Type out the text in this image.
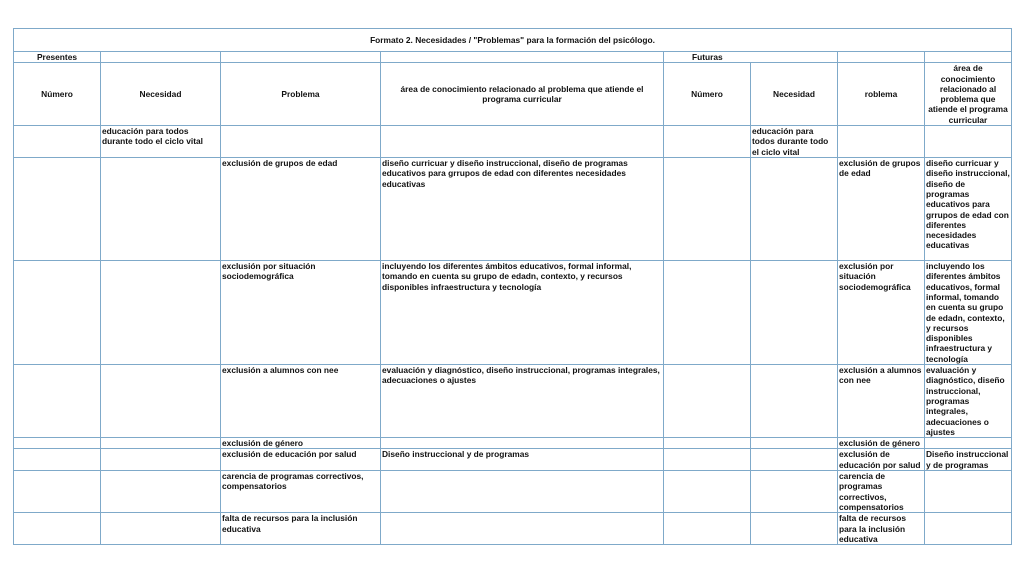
Formato 2. Necesidades / "Problemas" para la formación del psicólogo.							
Presentes				Futuras			
Número	Necesidad	Problema	área de conocimiento relacionado al problema que atiende el programa curricular	Número	Necesidad	roblema	área de conocimiento relacionado al problema que atiende el programa curricular
	educación para todos durante todo el ciclo vital				educación para todos durante todo el ciclo vital		
		exclusión de grupos de edad	diseño curricuar y diseño instruccional, diseño de programas educativos para grrupos de edad con diferentes necesidades educativas			exclusión de grupos de edad	diseño curricuar y diseño instruccional, diseño de programas educativos para grrupos de edad con diferentes necesidades educativas
		exclusión por situación sociodemográfica	incluyendo los diferentes ámbitos educativos, formal informal, tomando en cuenta su grupo de edadn, contexto, y recursos disponibles infraestructura y tecnología			exclusión por situación sociodemográfica	incluyendo los diferentes ámbitos educativos, formal informal, tomando en cuenta su grupo de edadn, contexto, y recursos disponibles infraestructura y tecnología
		exclusión a alumnos con nee	evaluación y diagnóstico, diseño instruccional, programas integrales, adecuaciones o ajustes			exclusión a alumnos con nee	evaluación y diagnóstico, diseño instruccional, programas integrales, adecuaciones o ajustes
		exclusión de género				exclusión de género	
		exclusión de educación por salud	Diseño instruccional y de programas			exclusión de educación por salud	Diseño instruccional y de programas
		carencia de programas correctivos, compensatorios				carencia de programas correctivos, compensatorios	
		falta de recursos para la inclusión educativa				falta de recursos para la inclusión educativa	
